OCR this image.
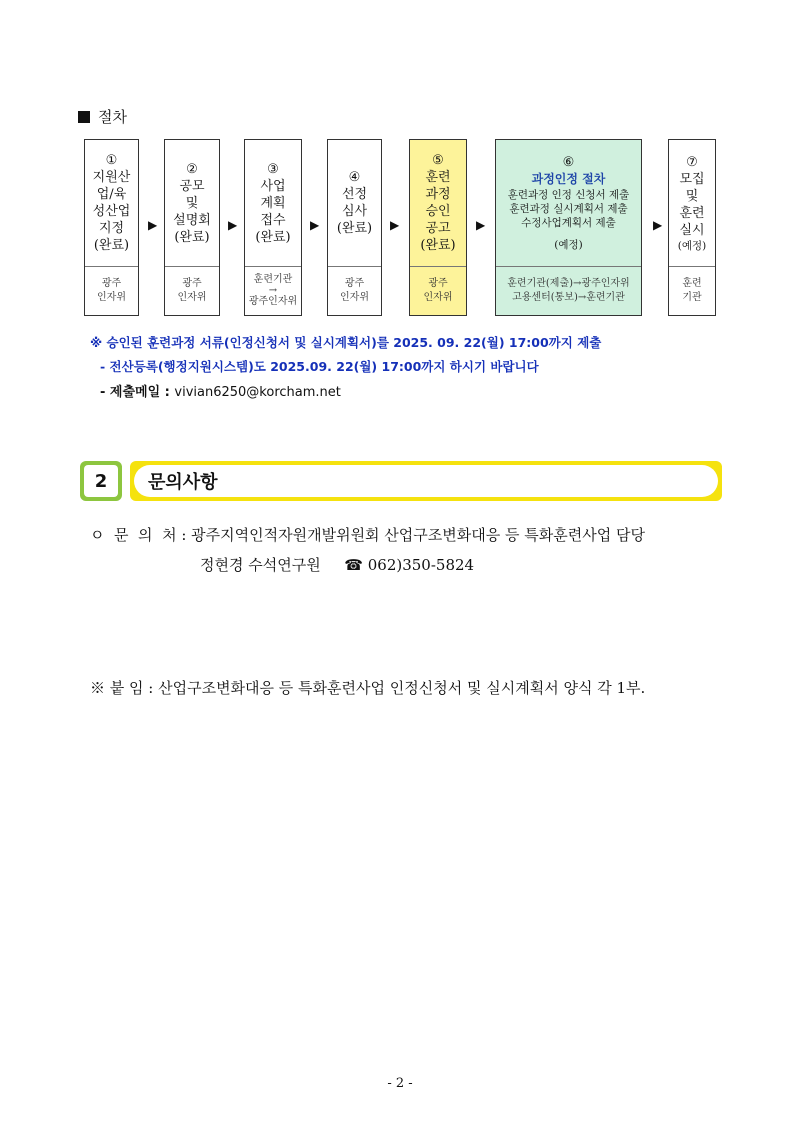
절차
①
지원산
업/육
성산업
지정
(완료)
광주
인자위
▶
②
공모
및
설명회
(완료)
광주
인자위
▶
③
사업
계획
접수
(완료)
훈련기관
→
광주인자위
▶
④
선정
심사
(완료)
광주
인자위
▶
⑤
훈련
과정
승인
공고
(완료)
광주
인자위
▶
⑥
과정인정 절차
훈련과정 인정 신청서 제출
훈련과정 실시계획서 제출
수정사업계획서 제출
(예정)
훈련기관(제출)→광주인자위
고용센터(통보)→훈련기관
▶
⑦
모집
및
훈련
실시
(예정)
훈련
기관
※ 승인된 훈련과정 서류(인정신청서 및 실시계획서)를 2025. 09. 22(월) 17:00까지 제출
- 전산등록(행정지원시스템)도 2025.09. 22(월) 17:00까지 하시기 바랍니다
- 제출메일 : vivian6250@korcham.net
2	문의사항
ㅇ  문  의  처 : 광주지역인적자원개발위원회 산업구조변화대응 등 특화훈련사업 담당
정현경 수석연구원 ☎ 062)350-5824
※ 붙 임 : 산업구조변화대응 등 특화훈련사업 인정신청서 및 실시계획서 양식 각 1부.
- 2 -
